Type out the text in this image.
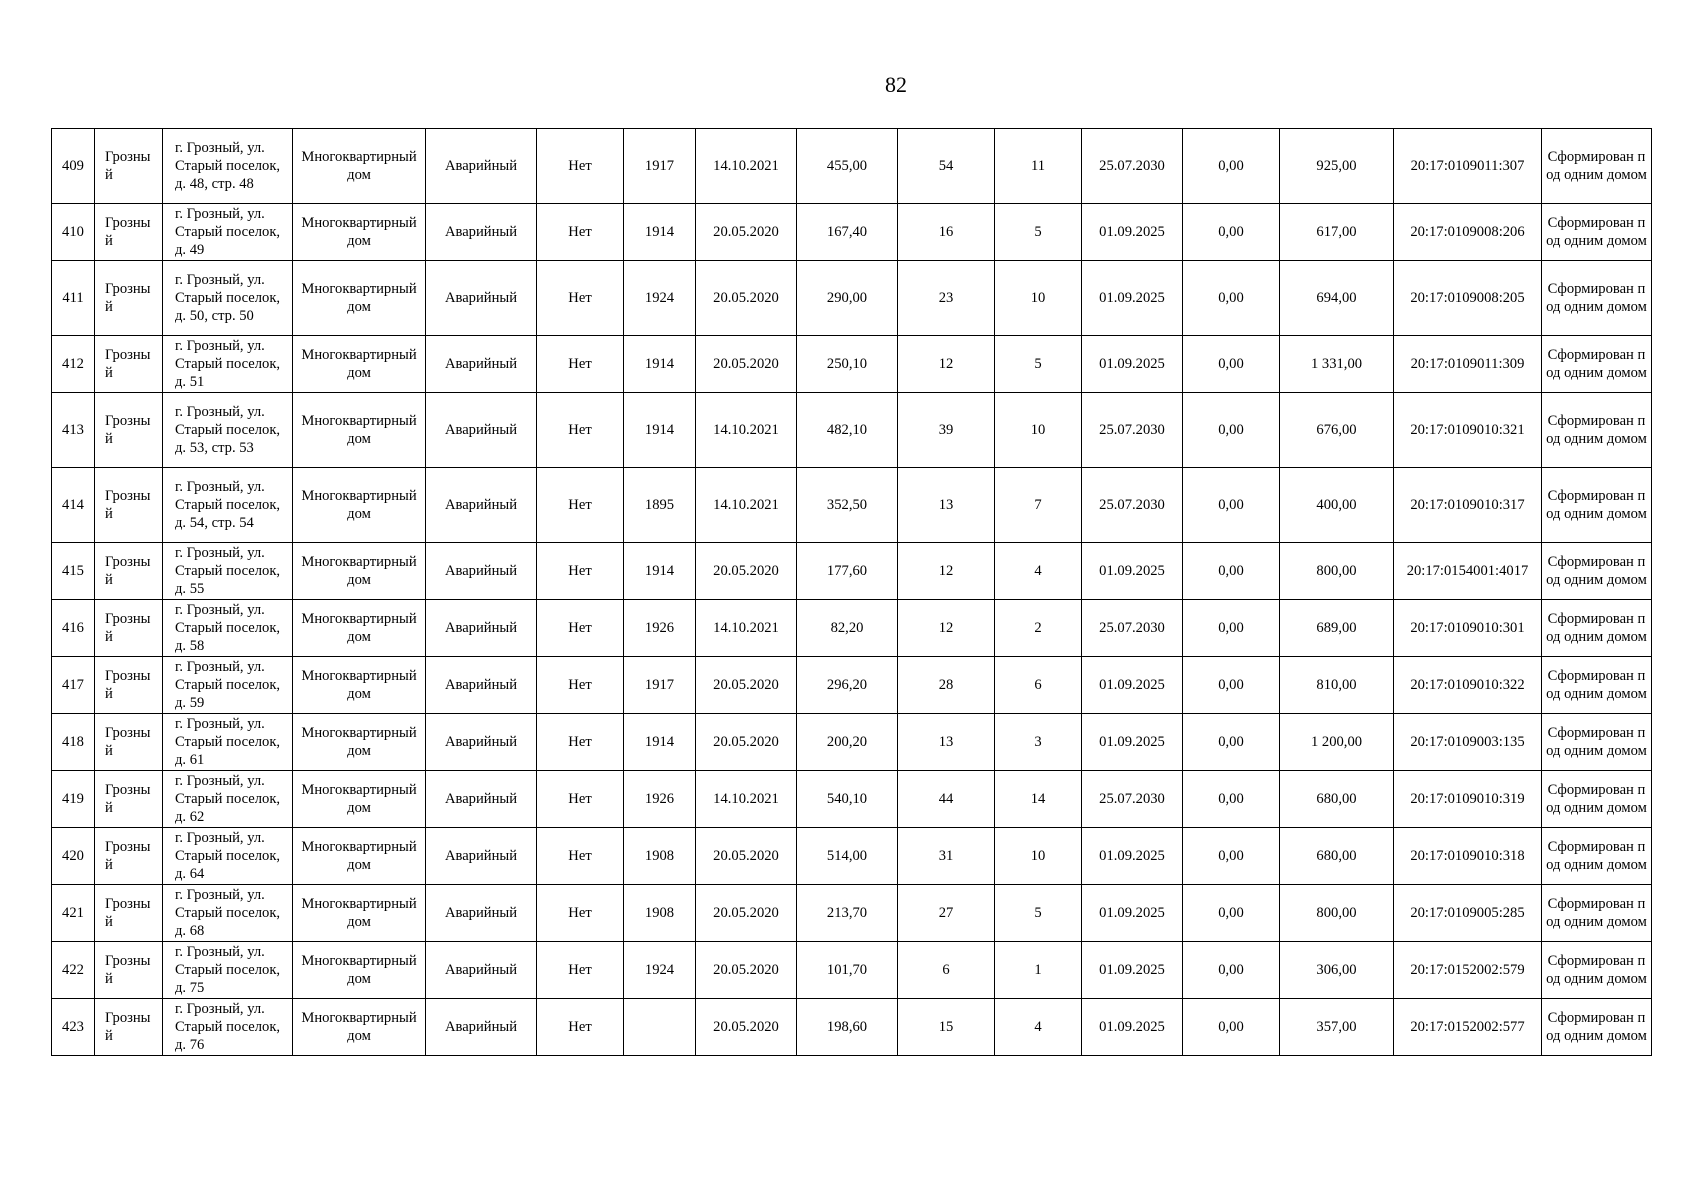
82
409	Грозный	г. Грозный, ул. Старый поселок, д. 48, стр. 48	Многоквартирный дом	Аварийный	Нет	1917	14.10.2021	455,00	54	11	25.07.2030	0,00	925,00	20:17:0109011:307	Сформирован под одним домом
410	Грозный	г. Грозный, ул. Старый поселок, д. 49	Многоквартирный дом	Аварийный	Нет	1914	20.05.2020	167,40	16	5	01.09.2025	0,00	617,00	20:17:0109008:206	Сформирован под одним домом
411	Грозный	г. Грозный, ул. Старый поселок, д. 50, стр. 50	Многоквартирный дом	Аварийный	Нет	1924	20.05.2020	290,00	23	10	01.09.2025	0,00	694,00	20:17:0109008:205	Сформирован под одним домом
412	Грозный	г. Грозный, ул. Старый поселок, д. 51	Многоквартирный дом	Аварийный	Нет	1914	20.05.2020	250,10	12	5	01.09.2025	0,00	1 331,00	20:17:0109011:309	Сформирован под одним домом
413	Грозный	г. Грозный, ул. Старый поселок, д. 53, стр. 53	Многоквартирный дом	Аварийный	Нет	1914	14.10.2021	482,10	39	10	25.07.2030	0,00	676,00	20:17:0109010:321	Сформирован под одним домом
414	Грозный	г. Грозный, ул. Старый поселок, д. 54, стр. 54	Многоквартирный дом	Аварийный	Нет	1895	14.10.2021	352,50	13	7	25.07.2030	0,00	400,00	20:17:0109010:317	Сформирован под одним домом
415	Грозный	г. Грозный, ул. Старый поселок, д. 55	Многоквартирный дом	Аварийный	Нет	1914	20.05.2020	177,60	12	4	01.09.2025	0,00	800,00	20:17:0154001:4017	Сформирован под одним домом
416	Грозный	г. Грозный, ул. Старый поселок, д. 58	Многоквартирный дом	Аварийный	Нет	1926	14.10.2021	82,20	12	2	25.07.2030	0,00	689,00	20:17:0109010:301	Сформирован под одним домом
417	Грозный	г. Грозный, ул. Старый поселок, д. 59	Многоквартирный дом	Аварийный	Нет	1917	20.05.2020	296,20	28	6	01.09.2025	0,00	810,00	20:17:0109010:322	Сформирован под одним домом
418	Грозный	г. Грозный, ул. Старый поселок, д. 61	Многоквартирный дом	Аварийный	Нет	1914	20.05.2020	200,20	13	3	01.09.2025	0,00	1 200,00	20:17:0109003:135	Сформирован под одним домом
419	Грозный	г. Грозный, ул. Старый поселок, д. 62	Многоквартирный дом	Аварийный	Нет	1926	14.10.2021	540,10	44	14	25.07.2030	0,00	680,00	20:17:0109010:319	Сформирован под одним домом
420	Грозный	г. Грозный, ул. Старый поселок, д. 64	Многоквартирный дом	Аварийный	Нет	1908	20.05.2020	514,00	31	10	01.09.2025	0,00	680,00	20:17:0109010:318	Сформирован под одним домом
421	Грозный	г. Грозный, ул. Старый поселок, д. 68	Многоквартирный дом	Аварийный	Нет	1908	20.05.2020	213,70	27	5	01.09.2025	0,00	800,00	20:17:0109005:285	Сформирован под одним домом
422	Грозный	г. Грозный, ул. Старый поселок, д. 75	Многоквартирный дом	Аварийный	Нет	1924	20.05.2020	101,70	6	1	01.09.2025	0,00	306,00	20:17:0152002:579	Сформирован под одним домом
423	Грозный	г. Грозный, ул. Старый поселок, д. 76	Многоквартирный дом	Аварийный	Нет		20.05.2020	198,60	15	4	01.09.2025	0,00	357,00	20:17:0152002:577	Сформирован под одним домом
